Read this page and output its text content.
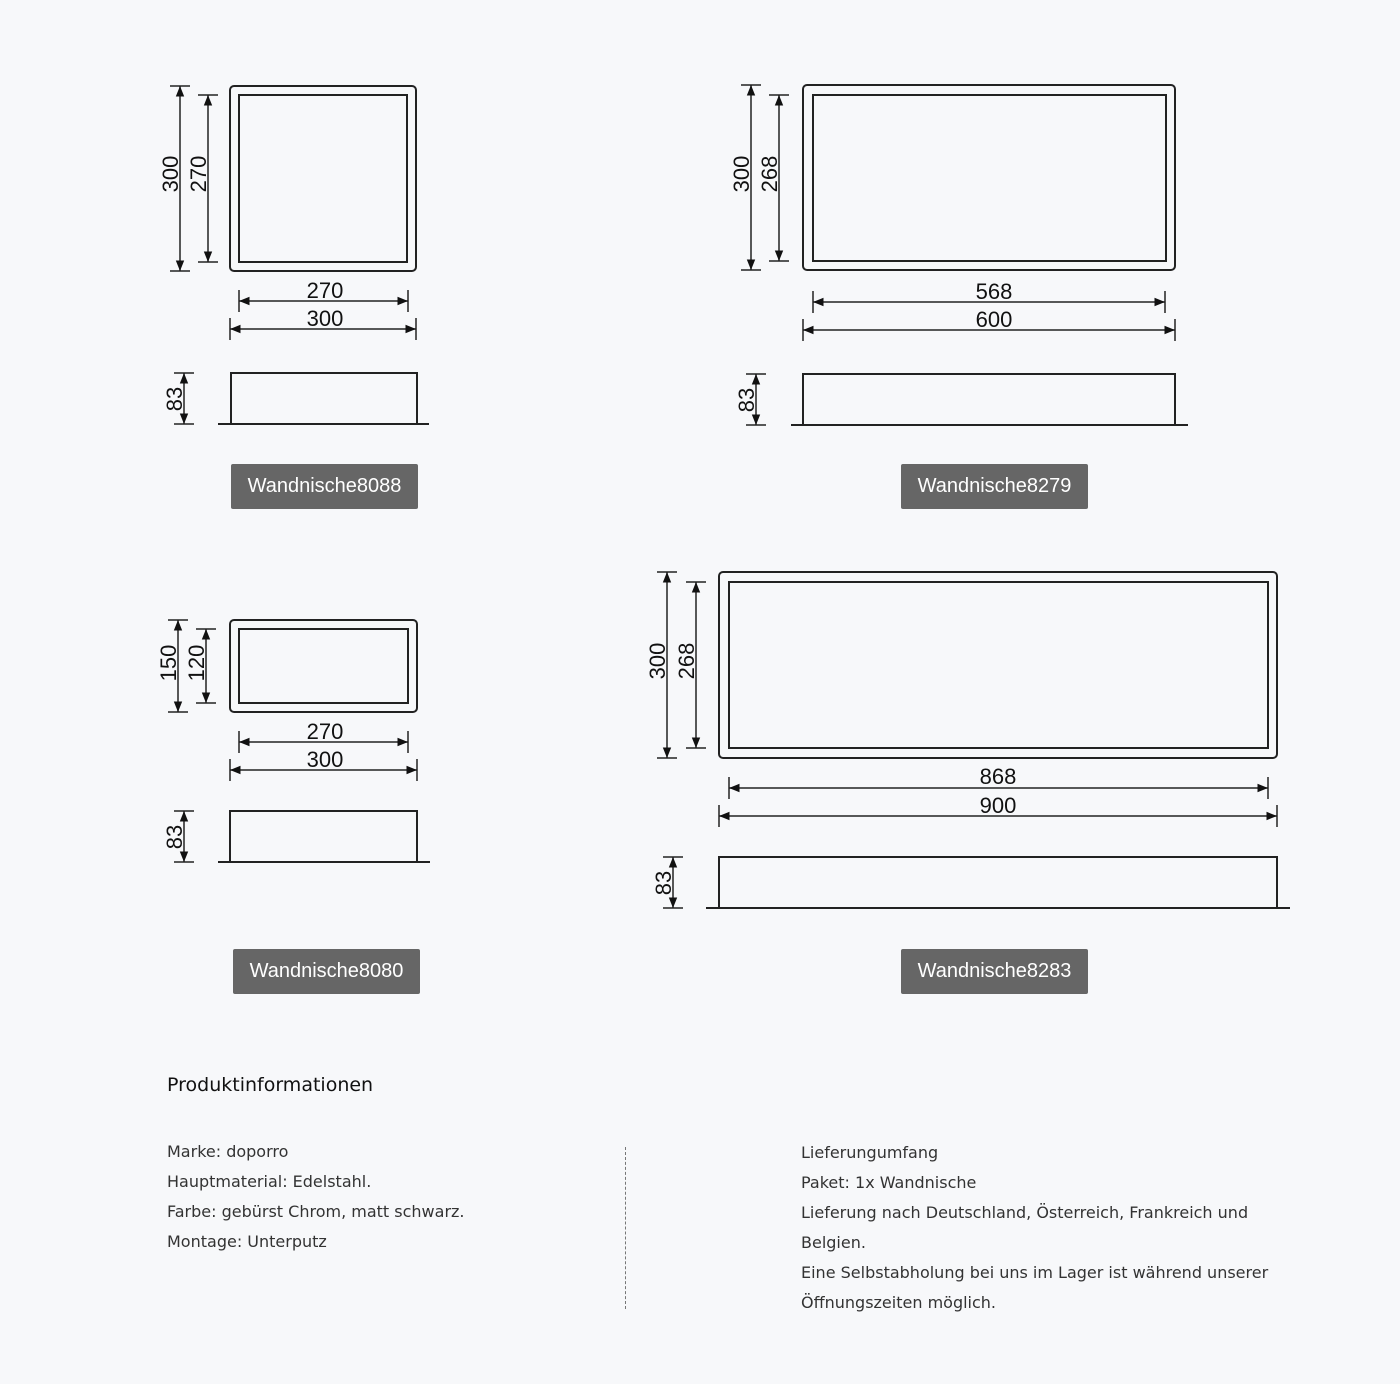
300 270
270
300
83
300 268
568
600
83
150 120
270
300
83
300 268
868
900
83
Wandnische8088	Wandnische8279
Wandnische8080	Wandnische8283
Produktinformationen
Marke: doporro
Hauptmaterial: Edelstahl.
Farbe: gebürst Chrom, matt schwarz.
Montage: Unterputz
Lieferungumfang
Paket: 1x Wandnische
Lieferung nach Deutschland, Österreich, Frankreich und
Belgien.
Eine Selbstabholung bei uns im Lager ist während unserer
Öffnungszeiten möglich.
